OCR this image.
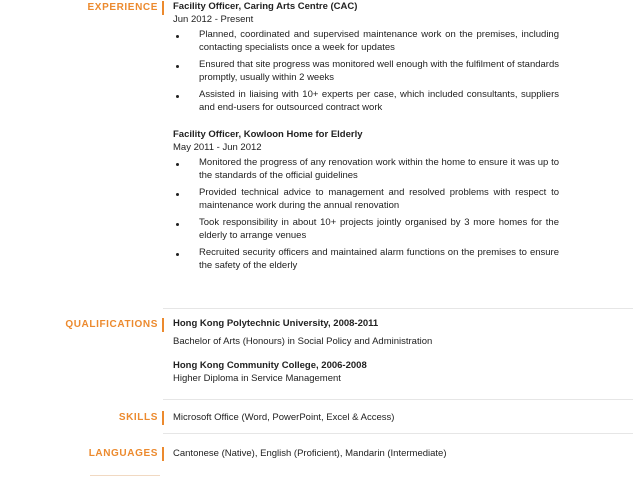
EXPERIENCE Facility Officer, Caring Arts Centre (CAC)
Jun 2012 - Present
Planned, coordinated and supervised maintenance work on the premises, including contacting specialists once a week for updates
Ensured that site progress was monitored well enough with the fulfilment of standards promptly, usually within 2 weeks
Assisted in liaising with 10+ experts per case, which included consultants, suppliers and end-users for outsourced contract work
Facility Officer, Kowloon Home for Elderly
May 2011 - Jun 2012
Monitored the progress of any renovation work within the home to ensure it was up to the standards of the official guidelines
Provided technical advice to management and resolved problems with respect to maintenance work during the annual renovation
Took responsibility in about 10+ projects jointly organised by 3 more homes for the elderly to arrange venues
Recruited security officers and maintained alarm functions on the premises to ensure the safety of the elderly
QUALIFICATIONS Hong Kong Polytechnic University, 2008-2011
Bachelor of Arts (Honours) in Social Policy and Administration
Hong Kong Community College, 2006-2008
Higher Diploma in Service Management
SKILLS Microsoft Office (Word, PowerPoint, Excel & Access)
LANGUAGES Cantonese (Native), English (Proficient), Mandarin (Intermediate)
